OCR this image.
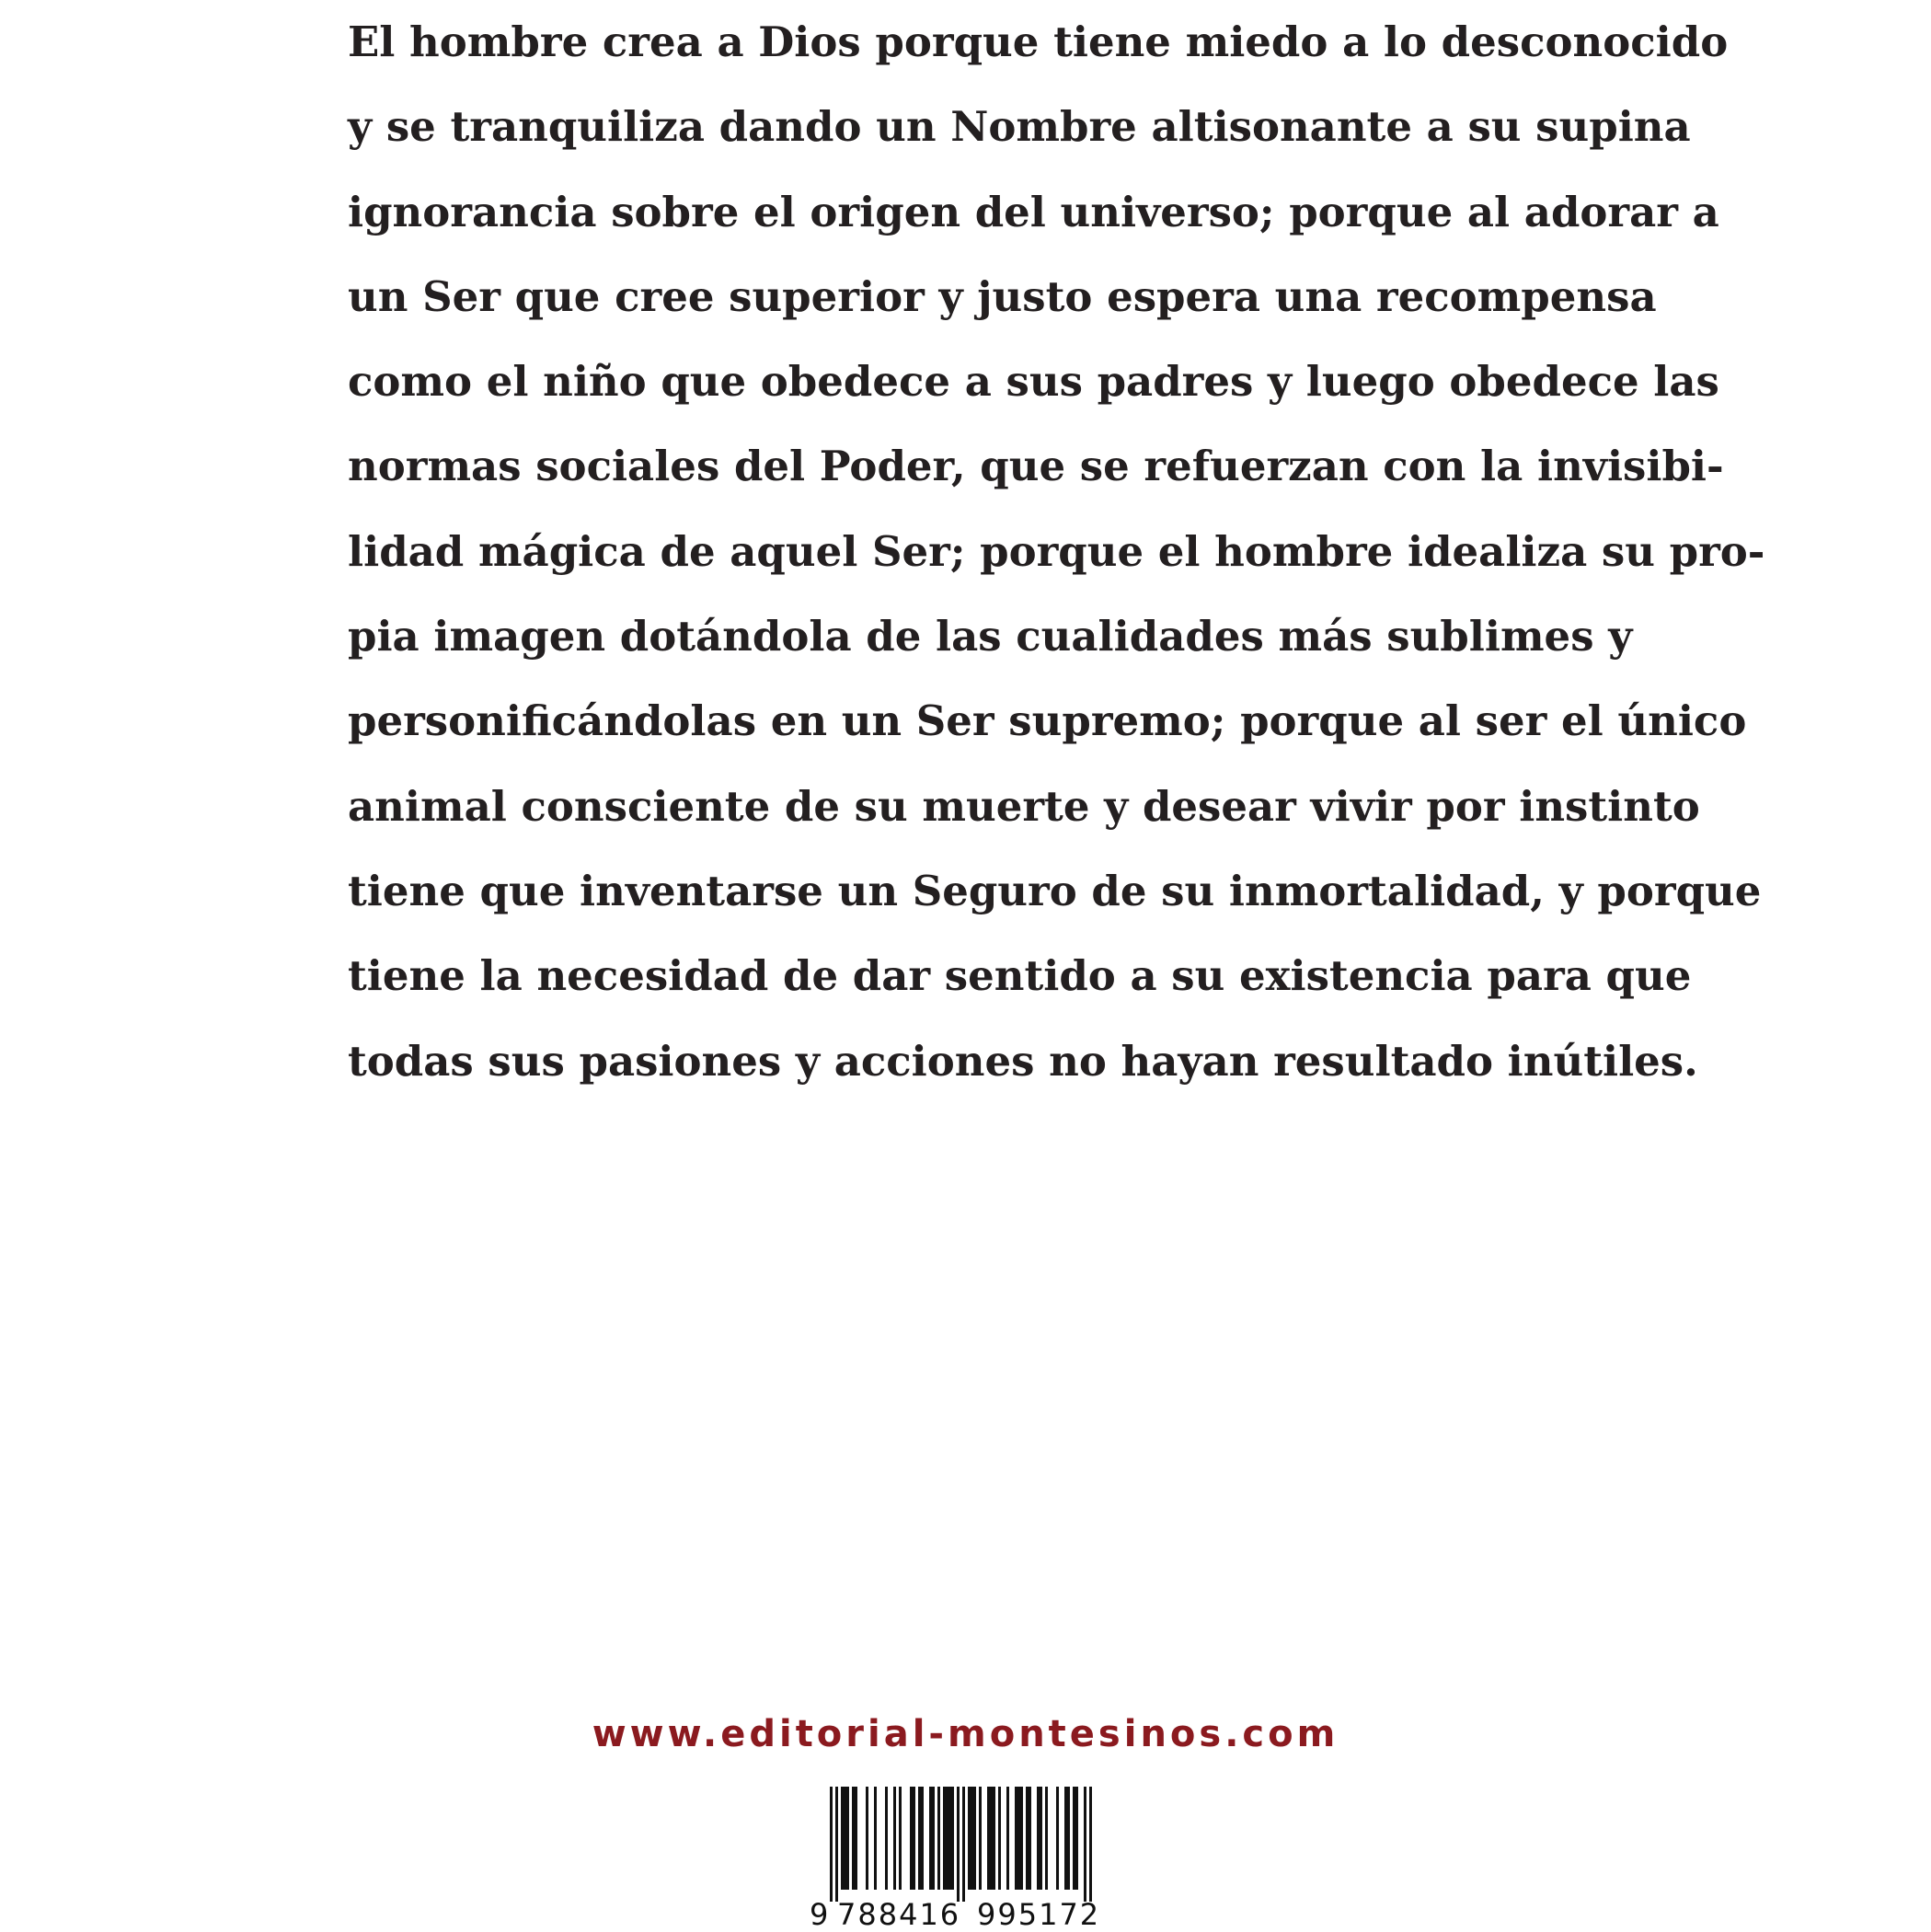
El hombre crea a Dios porque tiene miedo a lo desconocido
y se tranquiliza dando un Nombre altisonante a su supina
ignorancia sobre el origen del universo; porque al adorar a
un Ser que cree superior y justo espera una recompensa
como el niño que obedece a sus padres y luego obedece las
normas sociales del Poder, que se refuerzan con la invisibi-
lidad mágica de aquel Ser; porque el hombre idealiza su pro-
pia imagen dotándola de las cualidades más sublimes y
personificándolas en un Ser supremo; porque al ser el único
animal consciente de su muerte y desear vivir por instinto
tiene que inventarse un Seguro de su inmortalidad, y porque
tiene la necesidad de dar sentido a su existencia para que
todas sus pasiones y acciones no hayan resultado inútiles.
www.editorial-montesinos.com
9 788416 995172
